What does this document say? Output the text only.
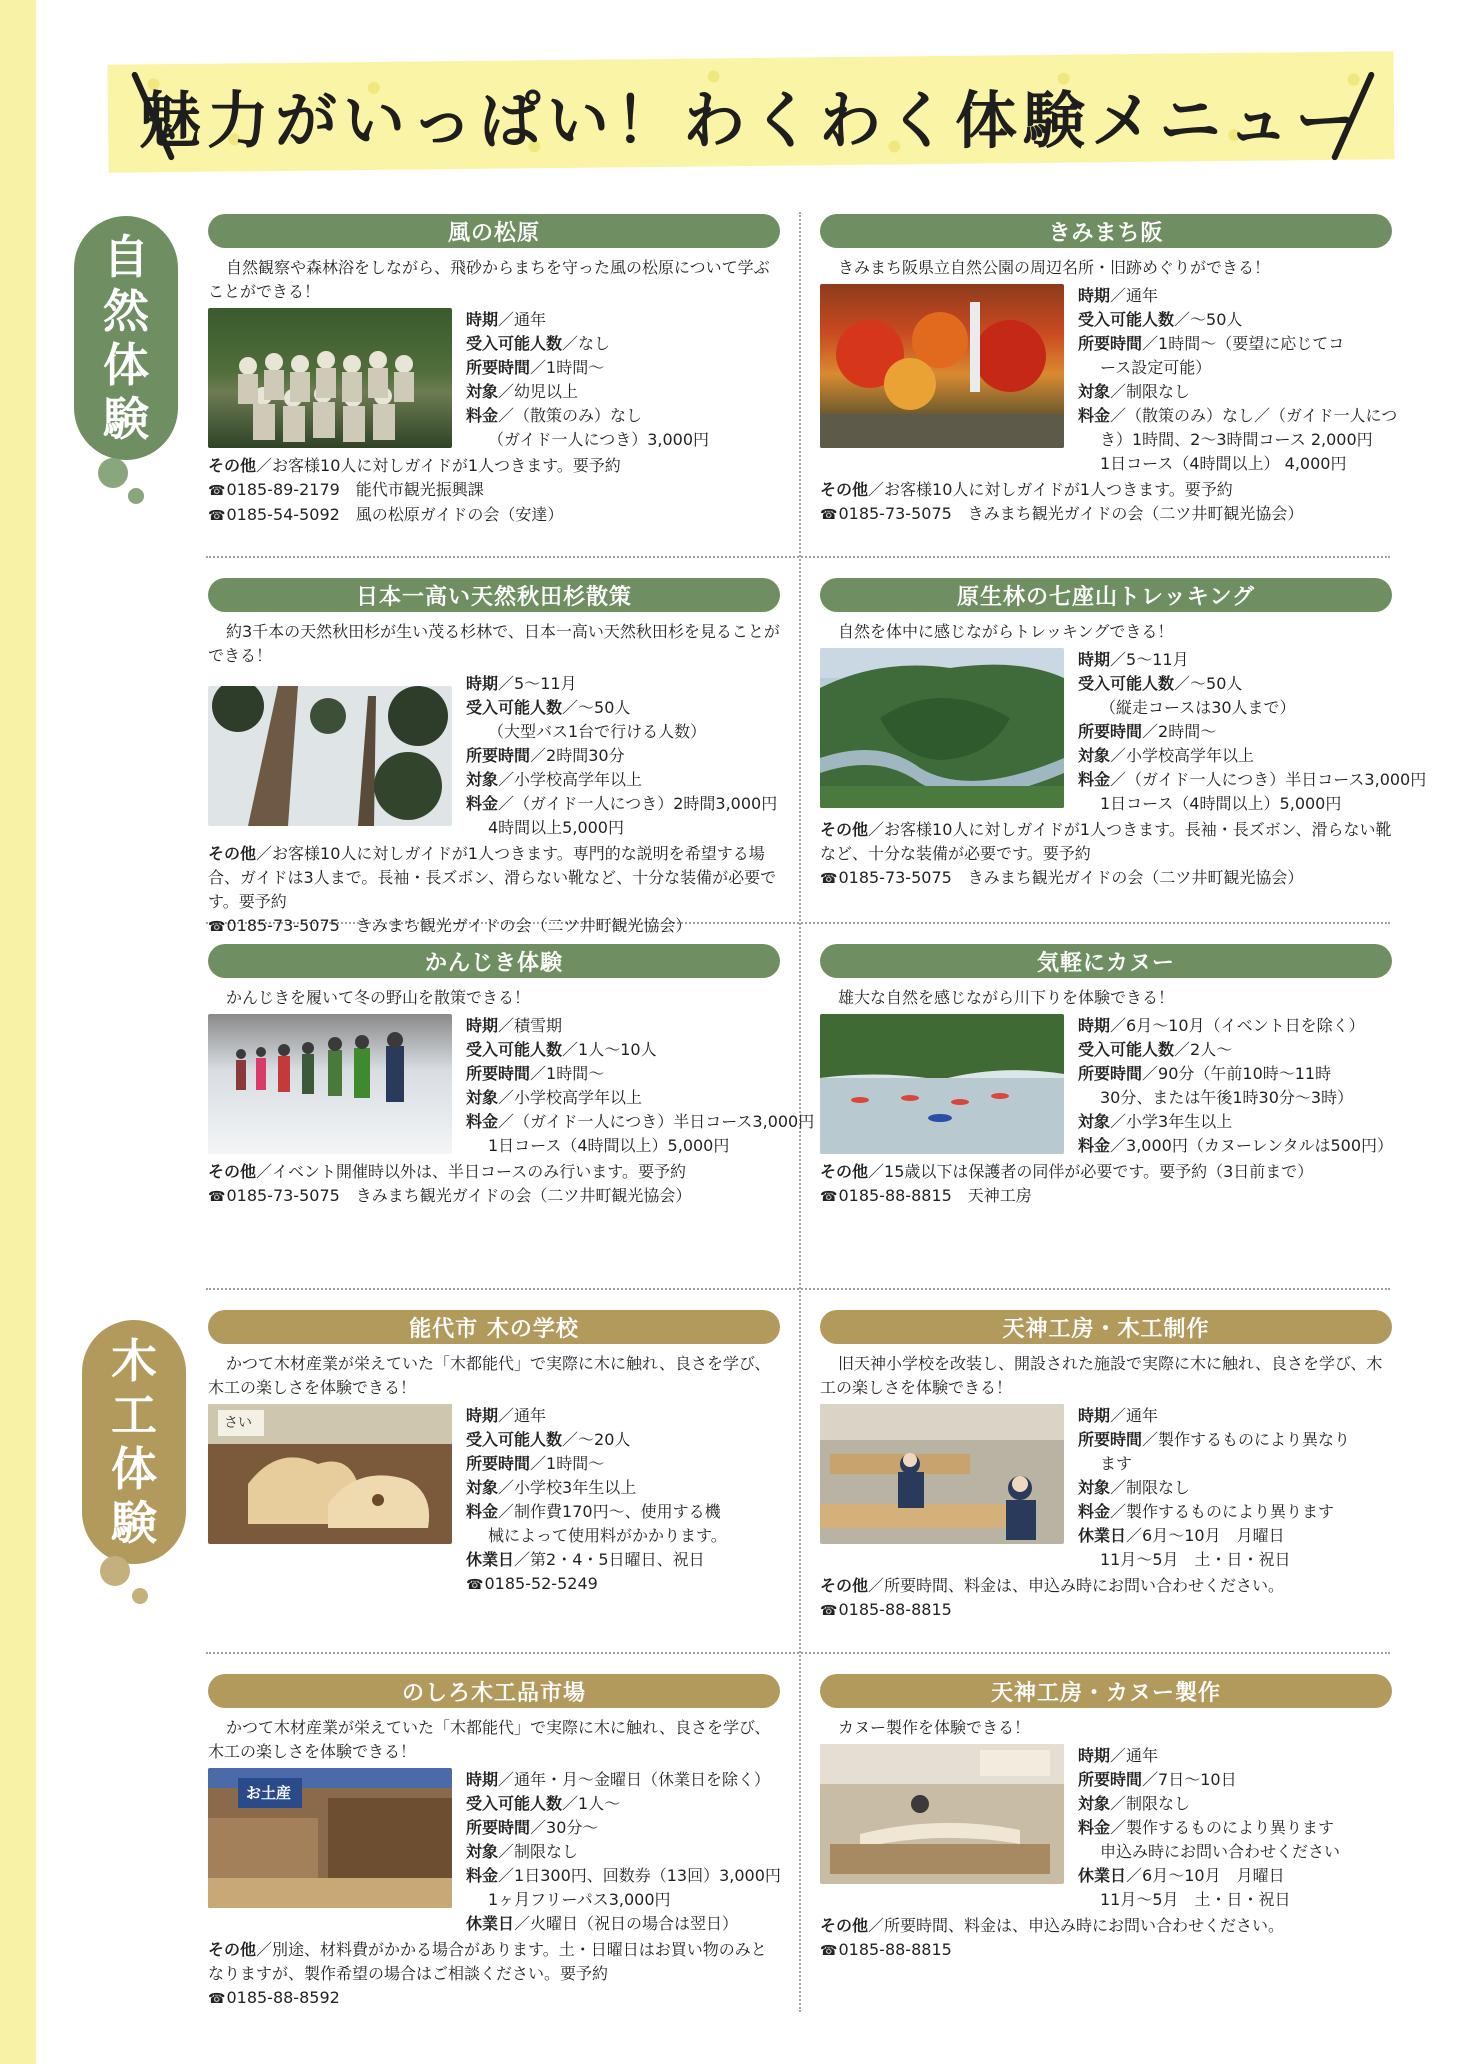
魅力がいっぱい！わくわく体験メニュー
自
然
体
験
木
工
体
験
風の松原
自然観察や森林浴をしながら、飛砂からまちを守った風の松原について学ぶことができる！
時期／通年
受入可能人数／なし
所要時間／1時間〜
対象／幼児以上
料金／（散策のみ）なし
（ガイド一人につき）3,000円
その他／お客様10人に対しガイドが1人つきます。要予約
☎ 0185-89-2179　能代市観光振興課
☎ 0185-54-5092　風の松原ガイドの会（安達）
きみまち阪
きみまち阪県立自然公園の周辺名所・旧跡めぐりができる！
時期／通年
受入可能人数／〜50人
所要時間／1時間〜（要望に応じてコ
ース設定可能）
対象／制限なし
料金／（散策のみ）なし／（ガイド一人につ
き）1時間、2〜3時間コース 2,000円
1日コース（4時間以上） 4,000円
その他／お客様10人に対しガイドが1人つきます。要予約
☎ 0185-73-5075　きみまち観光ガイドの会（二ツ井町観光協会）
日本一高い天然秋田杉散策
約3千本の天然秋田杉が生い茂る杉林で、日本一高い天然秋田杉を見ることができる！
時期／5〜11月
受入可能人数／〜50人
（大型バス1台で行ける人数）
所要時間／2時間30分
対象／小学校高学年以上
料金／（ガイド一人につき）2時間3,000円
4時間以上5,000円
その他／お客様10人に対しガイドが1人つきます。専門的な説明を希望する場合、ガイドは3人まで。長袖・長ズボン、滑らない靴など、十分な装備が必要です。要予約
☎ 0185-73-5075　きみまち観光ガイドの会（二ツ井町観光協会）
原生林の七座山トレッキング
自然を体中に感じながらトレッキングできる！
時期／5〜11月
受入可能人数／〜50人
（縦走コースは30人まで）
所要時間／2時間〜
対象／小学校高学年以上
料金／（ガイド一人につき）半日コース3,000円
1日コース（4時間以上）5,000円
その他／お客様10人に対しガイドが1人つきます。長袖・長ズボン、滑らない靴など、十分な装備が必要です。要予約
☎ 0185-73-5075　きみまち観光ガイドの会（二ツ井町観光協会）
かんじき体験
かんじきを履いて冬の野山を散策できる！
時期／積雪期
受入可能人数／1人〜10人
所要時間／1時間〜
対象／小学校高学年以上
料金／（ガイド一人につき）半日コース3,000円
1日コース（4時間以上）5,000円
その他／イベント開催時以外は、半日コースのみ行います。要予約
☎ 0185-73-5075　きみまち観光ガイドの会（二ツ井町観光協会）
気軽にカヌー
雄大な自然を感じながら川下りを体験できる！
時期／6月〜10月（イベント日を除く）
受入可能人数／2人〜
所要時間／90分（午前10時〜11時
30分、または午後1時30分〜3時）
対象／小学3年生以上
料金／3,000円（カヌーレンタルは500円）
その他／15歳以下は保護者の同伴が必要です。要予約（3日前まで）
☎ 0185-88-8815　天神工房
能代市 木の学校
かつて木材産業が栄えていた「木都能代」で実際に木に触れ、良さを学び、木工の楽しさを体験できる！
さい	時期／通年
受入可能人数／〜20人
所要時間／1時間〜
対象／小学校3年生以上
料金／制作費170円〜、使用する機
械によって使用料がかかります。
休業日／第2・4・5日曜日、祝日
☎ 0185-52-5249
天神工房・木工制作
旧天神小学校を改装し、開設された施設で実際に木に触れ、良さを学び、木工の楽しさを体験できる！
時期／通年
所要時間／製作するものにより異なり
ます
対象／制限なし
料金／製作するものにより異ります
休業日／6月〜10月　月曜日
11月〜5月　土・日・祝日
その他／所要時間、料金は、申込み時にお問い合わせください。
☎ 0185-88-8815
のしろ木工品市場
かつて木材産業が栄えていた「木都能代」で実際に木に触れ、良さを学び、木工の楽しさを体験できる！
お土産
時期／通年・月〜金曜日（休業日を除く）
受入可能人数／1人〜
所要時間／30分〜
対象／制限なし
料金／1日300円、回数券（13回）3,000円
1ヶ月フリーパス3,000円
休業日／火曜日（祝日の場合は翌日）
その他／別途、材料費がかかる場合があります。土・日曜日はお買い物のみとなりますが、製作希望の場合はご相談ください。要予約
☎ 0185-88-8592
天神工房・カヌー製作
カヌー製作を体験できる！
時期／通年
所要時間／7日〜10日
対象／制限なし
料金／製作するものにより異ります
申込み時にお問い合わせください
休業日／6月〜10月　月曜日
11月〜5月　土・日・祝日
その他／所要時間、料金は、申込み時にお問い合わせください。
☎ 0185-88-8815
